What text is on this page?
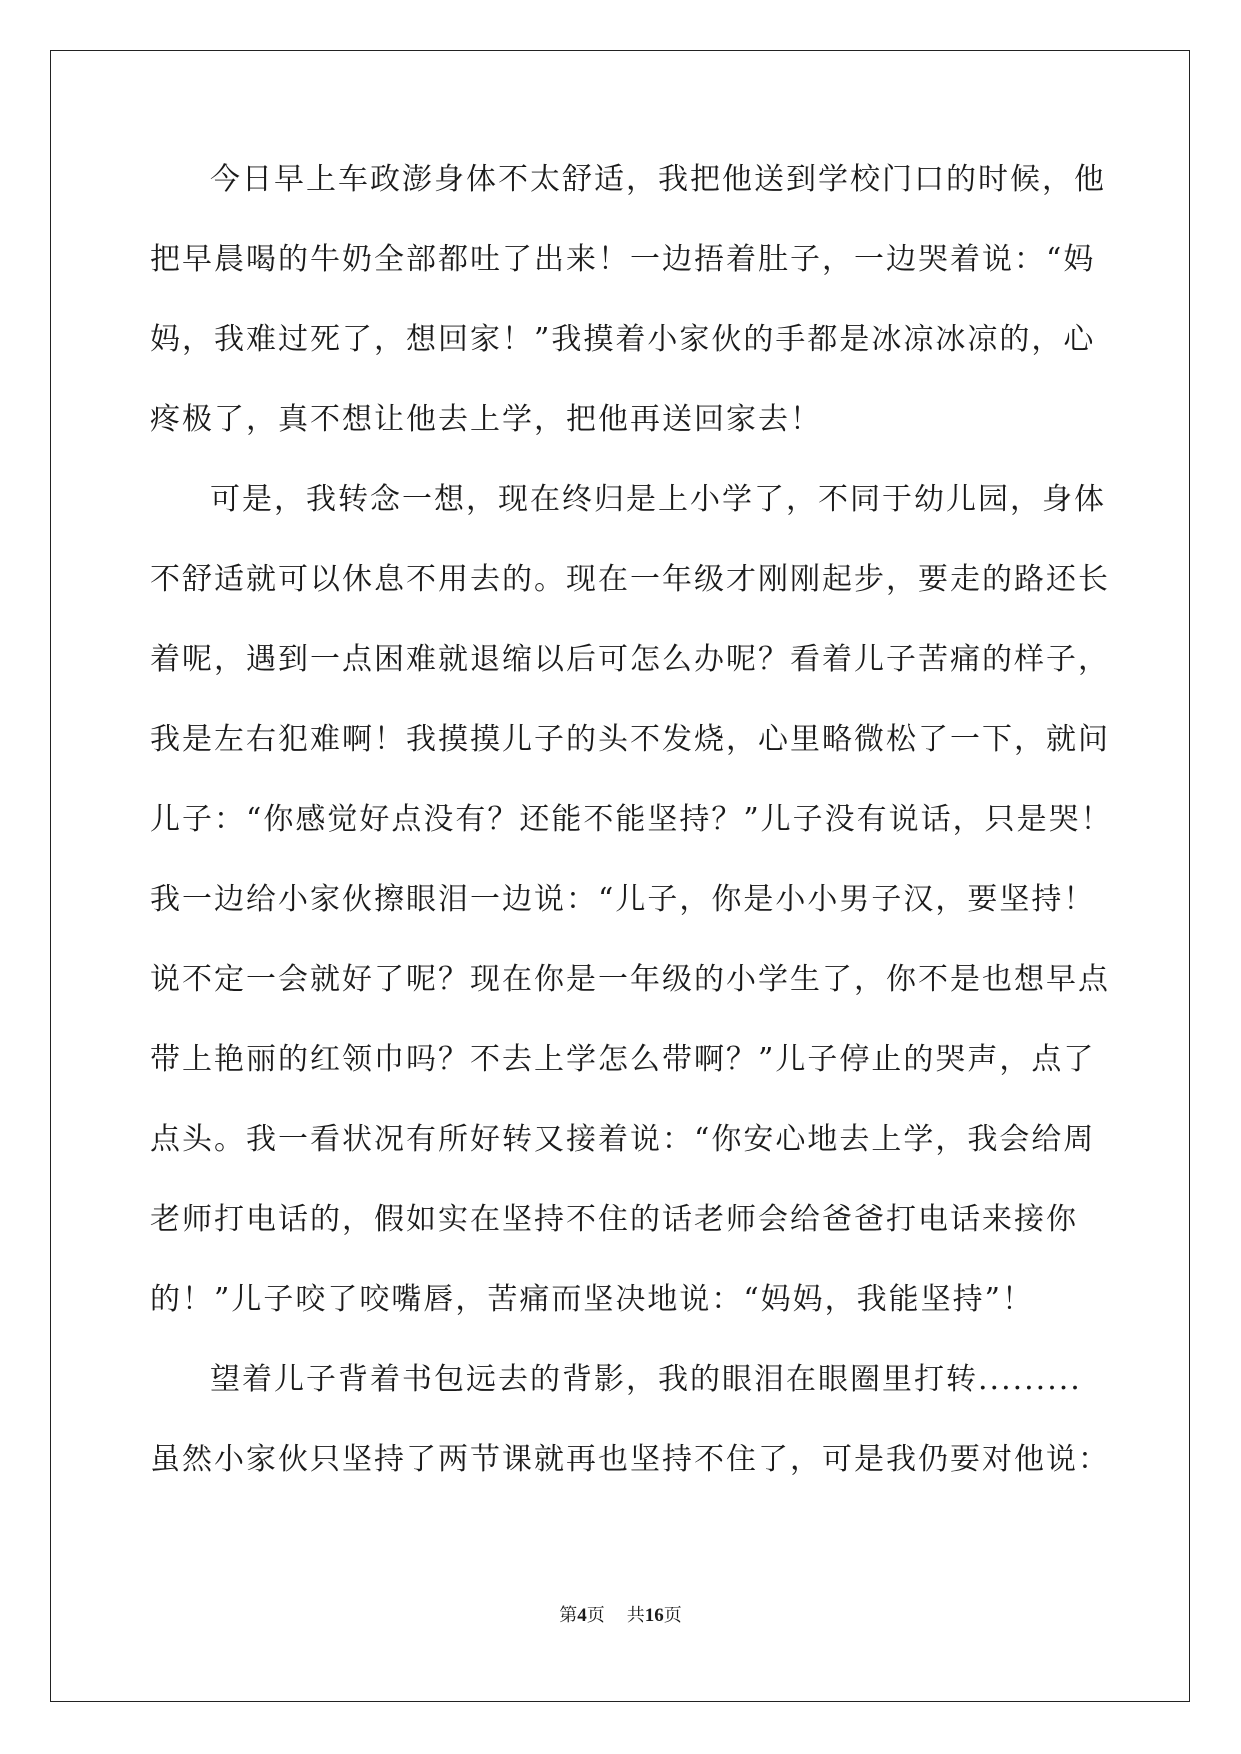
今日早上车政澎身体不太舒适，我把他送到学校门口的时候，他
把早晨喝的牛奶全部都吐了出来！一边捂着肚子，一边哭着说：“妈
妈，我难过死了，想回家！”我摸着小家伙的手都是冰凉冰凉的，心
疼极了，真不想让他去上学，把他再送回家去！
可是，我转念一想，现在终归是上小学了，不同于幼儿园，身体
不舒适就可以休息不用去的。现在一年级才刚刚起步，要走的路还长
着呢，遇到一点困难就退缩以后可怎么办呢？看着儿子苦痛的样子，
我是左右犯难啊！我摸摸儿子的头不发烧，心里略微松了一下，就问
儿子：“你感觉好点没有？还能不能坚持？”儿子没有说话，只是哭！
我一边给小家伙擦眼泪一边说：“儿子，你是小小男子汉，要坚持！
说不定一会就好了呢？现在你是一年级的小学生了，你不是也想早点
带上艳丽的红领巾吗？不去上学怎么带啊？”儿子停止的哭声，点了
点头。我一看状况有所好转又接着说：“你安心地去上学，我会给周
老师打电话的，假如实在坚持不住的话老师会给爸爸打电话来接你
的！”儿子咬了咬嘴唇，苦痛而坚决地说：“妈妈，我能坚持”！
望着儿子背着书包远去的背影，我的眼泪在眼圈里打转.........
虽然小家伙只坚持了两节课就再也坚持不住了，可是我仍要对他说：
第4页 共16页
